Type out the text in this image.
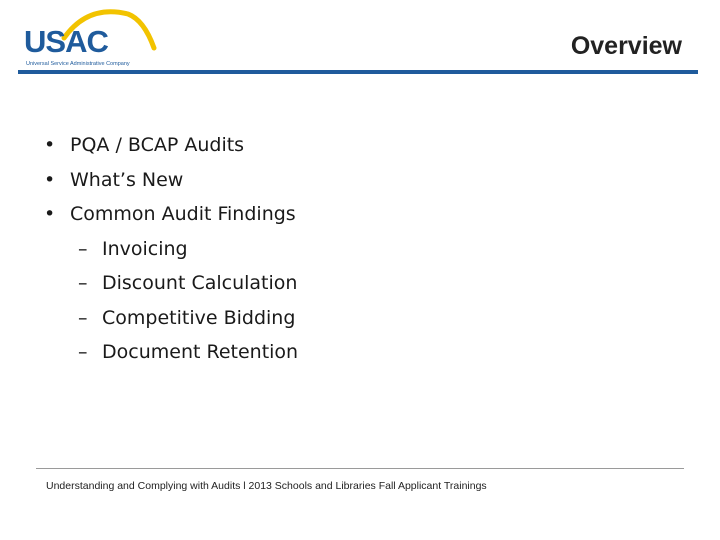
USAC
Universal Service Administrative Company
Overview
• PQA / BCAP Audits
• What’s New
• Common Audit Findings
– Invoicing
– Discount Calculation
– Competitive Bidding
– Document Retention
Understanding and Complying with Audits l 2013 Schools and Libraries Fall Applicant Trainings
